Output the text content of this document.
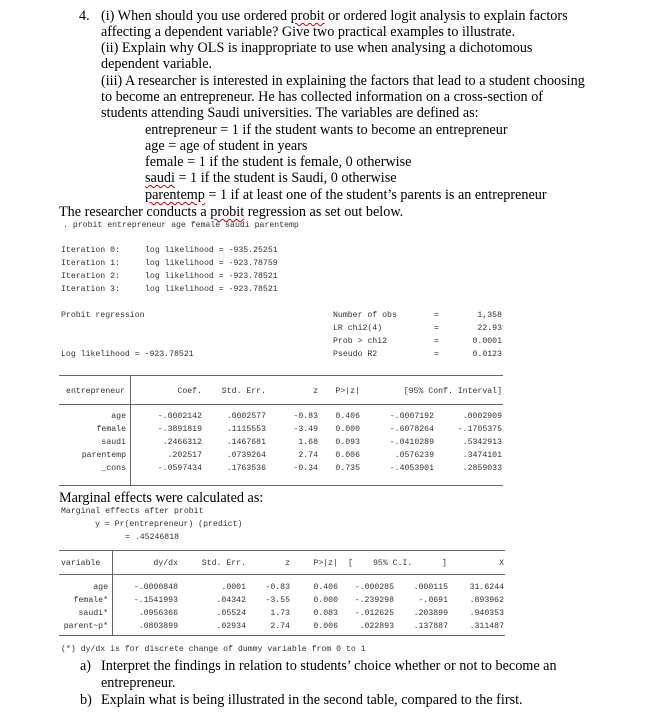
4. (i) When should you use ordered probit or ordered logit analysis to explain factors
affecting a dependent variable? Give two practical examples to illustrate.
(ii) Explain why OLS is inappropriate to use when analysing a dichotomous
dependent variable.
(iii) A researcher is interested in explaining the factors that lead to a student choosing
to become an entrepreneur. He has collected information on a cross-section of
students attending Saudi universities. The variables are defined as:
entrepreneur = 1 if the student wants to become an entrepreneur
age = age of student in years
female = 1 if the student is female, 0 otherwise
saudi = 1 if the student is Saudi, 0 otherwise
parentemp = 1 if at least one of the student’s parents is an entrepreneur
The researcher conducts a probit regression as set out below.
. probit entrepreneur age female saudi parentemp
Iteration 0:	log likelihood = -935.25251
Iteration 1:	log likelihood = -923.78759
Iteration 2:	log likelihood = -923.78521
Iteration 3:	log likelihood = -923.78521
Probit regression
Log likelihood = -923.78521
Number of obs	=	1,358
LR chi2(4)	=	22.93
Prob > chi2	=	0.0001
Pseudo R2	=	0.0123
entrepreneur	Coef.	Std. Err.	z	P>|z|	[95% Conf. Interval]
age	-.0002142	.0002577	-0.83	0.406	-.0007192	.0002909
female	-.3891819	.1115553	-3.49	0.000	-.6078264	-.1705375
saudi	.2466312	.1467681	1.68	0.093	-.0410289	.5342913
parentemp	.202517	.0739264	2.74	0.006	.0576239	.3474101
_cons	-.0597434	.1763536	-0.34	0.735	-.4053901	.2859033
Marginal effects were calculated as:
Marginal effects after probit
y = Pr(entrepreneur) (predict)
= .45246818
variable	dy/dx	Std. Err.	z	P>|z| [ 95% C.I.	]	X
age	-.0000848	.0001	-0.83	0.406	-.000285	.000115	31.6244
female*	-.1541993	.04342	-3.55	0.000	-.239298	-.0691	.893962
saudi*	.0956366	.05524	1.73	0.083	-.012625	.203899	.940353
parent~p*	.0803899	.02934	2.74	0.006	.022893	.137887	.311487
(*) dy/dx is for discrete change of dummy variable from 0 to 1
a) Interpret the findings in relation to students’ choice whether or not to become an
entrepreneur.
b) Explain what is being illustrated in the second table, compared to the first.
